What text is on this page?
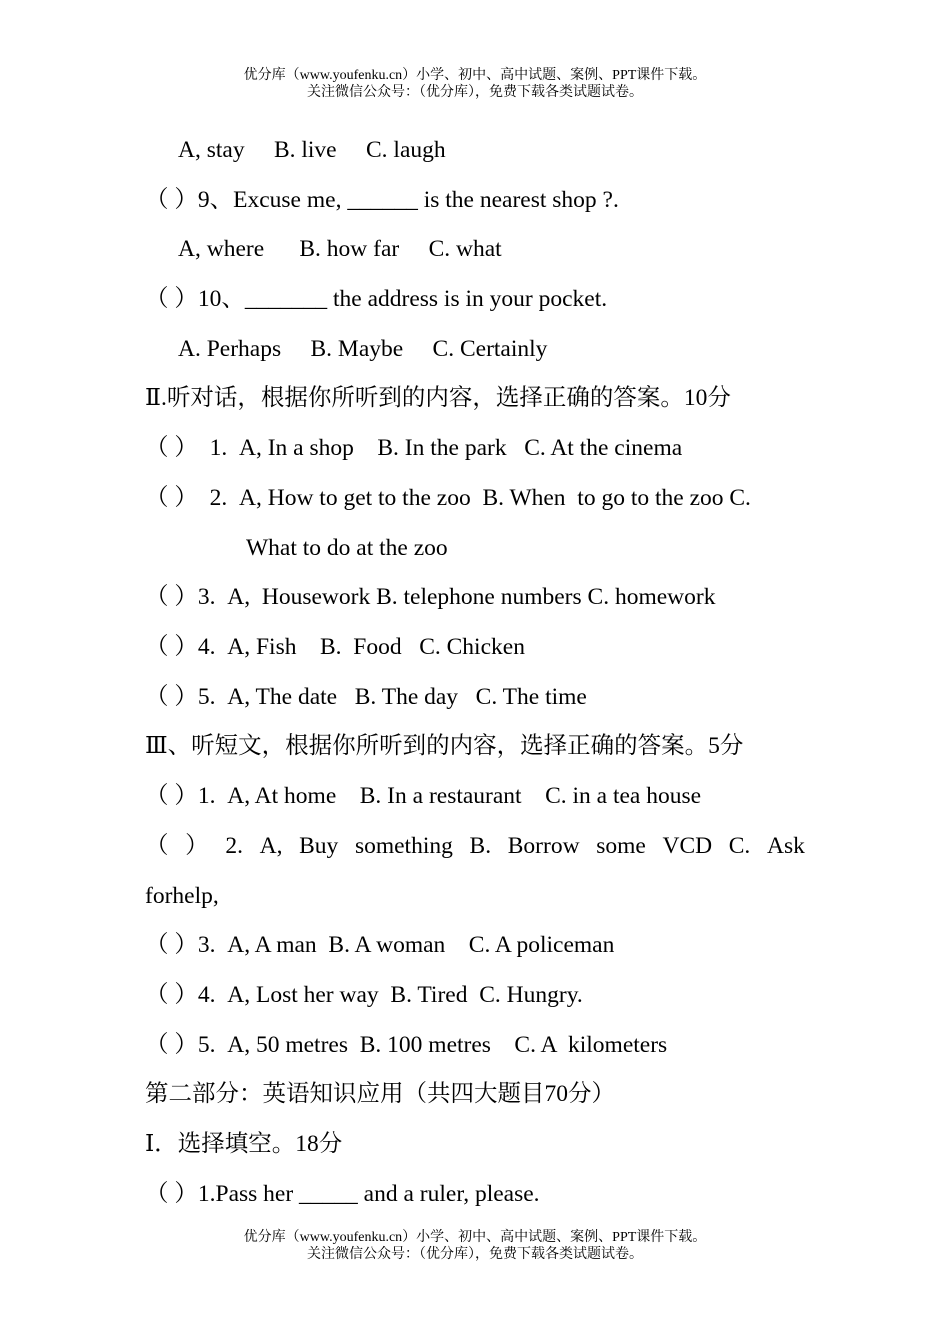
优分库（www.youfenku.cn）小学、初中、高中试题、案例、PPT课件下载。
关注微信公众号：（优分库），免费下载各类试题试卷。
A, stay     B. live     C. laugh
（ ）9、Excuse me, ______ is the nearest shop ?.
A, where      B. how far     C. what
（ ）10、_______ the address is in your pocket.
A. Perhaps     B. Maybe     C. Certainly
Ⅱ.听对话，根据你所听到的内容，选择正确的答案。10分
（ ）  1.  A, In a shop    B. In the park   C. At the cinema
（ ）  2.  A, How to get to the zoo  B. When  to go to the zoo C.
What to do at the zoo
（ ）3.  A,  Housework B. telephone numbers C. homework
（ ）4.  A, Fish    B.  Food   C. Chicken
（ ）5.  A, The date   B. The day   C. The time
Ⅲ、听短文，根据你所听到的内容，选择正确的答案。5分
（ ）1.  A, At home    B. In a restaurant    C. in a tea house
（ ） 2. A, Buy something B. Borrow some VCD C. Ask
forhelp,
（ ）3.  A, A man  B. A woman    C. A policeman
（ ）4.  A, Lost her way  B. Tired  C. Hungry.
（ ）5.  A, 50 metres  B. 100 metres    C. A  kilometers
第二部分：英语知识应用（共四大题目70分）
Ⅰ．选择填空。18分
（ ）1.Pass her _____ and a ruler, please.
优分库（www.youfenku.cn）小学、初中、高中试题、案例、PPT课件下载。
关注微信公众号：（优分库），免费下载各类试题试卷。
